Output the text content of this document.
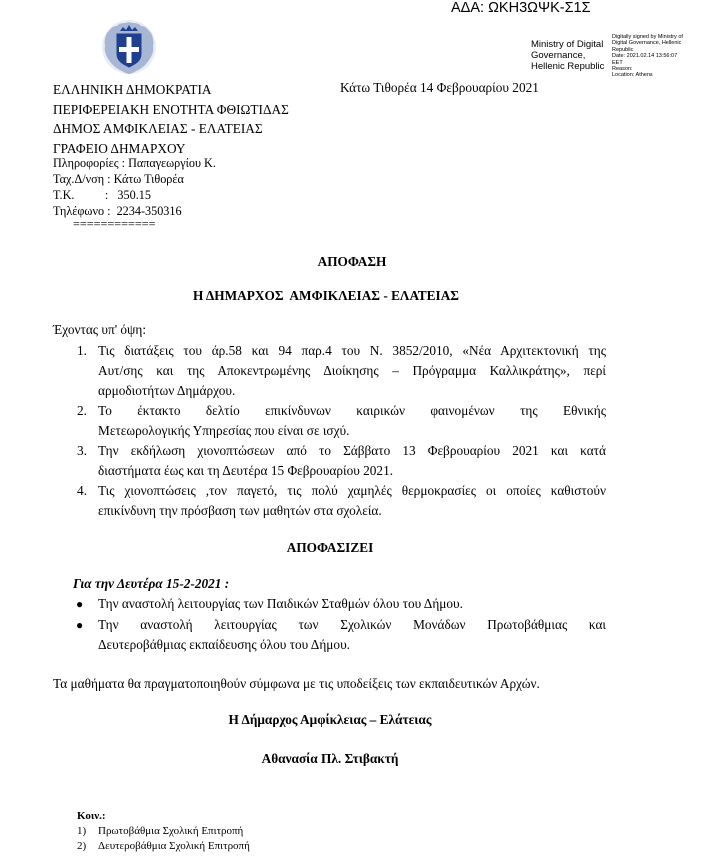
ΑΔΑ: ΩΚΗ3ΩΨΚ-Σ1Σ
Ministry of Digital
Governance,
Hellenic Republic
Digitally signed by Ministry of
Digital Governance, Hellenic
Republic
Date: 2021.02.14 13:56:07
EET
Reason:
Location: Athens
ΕΛΛΗΝΙΚΗ ΔΗΜΟΚΡΑΤΙΑ
ΠΕΡΙΦΕΡΕΙΑΚΗ ΕΝΟΤΗΤΑ ΦΘΙΩΤΙΔΑΣ
ΔΗΜΟΣ ΑΜΦΙΚΛΕΙΑΣ - ΕΛΑΤΕΙΑΣ
ΓΡΑΦΕΙΟ ΔΗΜΑΡΧΟΥ
Κάτω Τιθορέα 14 Φεβρουαρίου 2021
Πληροφορίες : Παπαγεωργίου Κ.
Ταχ.Δ/νση : Κάτω Τιθορέα
Τ.Κ.          :   350.15
Τηλέφωνο :  2234-350316
============
ΑΠΟΦΑΣΗ
Η ΔΗΜΑΡΧΟΣ  ΑΜΦΙΚΛΕΙΑΣ - ΕΛΑΤΕΙΑΣ
Έχοντας υπ' όψη:
1. Τις διατάξεις του άρ.58 και 94 παρ.4 του Ν. 3852/2010, «Νέα Αρχιτεκτονική της
Αυτ/σης και της Αποκεντρωμένης Διοίκησης – Πρόγραμμα Καλλικράτης», περί
αρμοδιοτήτων Δημάρχου.
2. Το έκτακτο δελτίο επικίνδυνων καιρικών φαινομένων της Εθνικής
Μετεωρολογικής Υπηρεσίας που είναι σε ισχύ.
3. Την εκδήλωση χιονοπτώσεων από το Σάββατο 13 Φεβρουαρίου 2021 και κατά
διαστήματα έως και τη Δευτέρα 15 Φεβρουαρίου 2021.
4. Τις χιονοπτώσεις ,τον παγετό, τις πολύ χαμηλές θερμοκρασίες οι οποίες καθιστούν
επικίνδυνη την πρόσβαση των μαθητών στα σχολεία.
ΑΠΟΦΑΣΙΖΕΙ
Για την Δευτέρα 15-2-2021 :
● Την αναστολή λειτουργίας των Παιδικών Σταθμών όλου του Δήμου.
● Την αναστολή λειτουργίας των Σχολικών Μονάδων Πρωτοβάθμιας και
Δευτεροβάθμιας εκπαίδευσης όλου του Δήμου.
Τα μαθήματα θα πραγματοποιηθούν σύμφωνα με τις υποδείξεις των εκπαιδευτικών Αρχών.
Η Δήμαρχος Αμφίκλειας – Ελάτειας
Αθανασία Πλ. Στιβακτή
Κοιν.:
1) Πρωτοβάθμια Σχολική Επιτροπή
2) Δευτεροβάθμια Σχολική Επιτροπή
